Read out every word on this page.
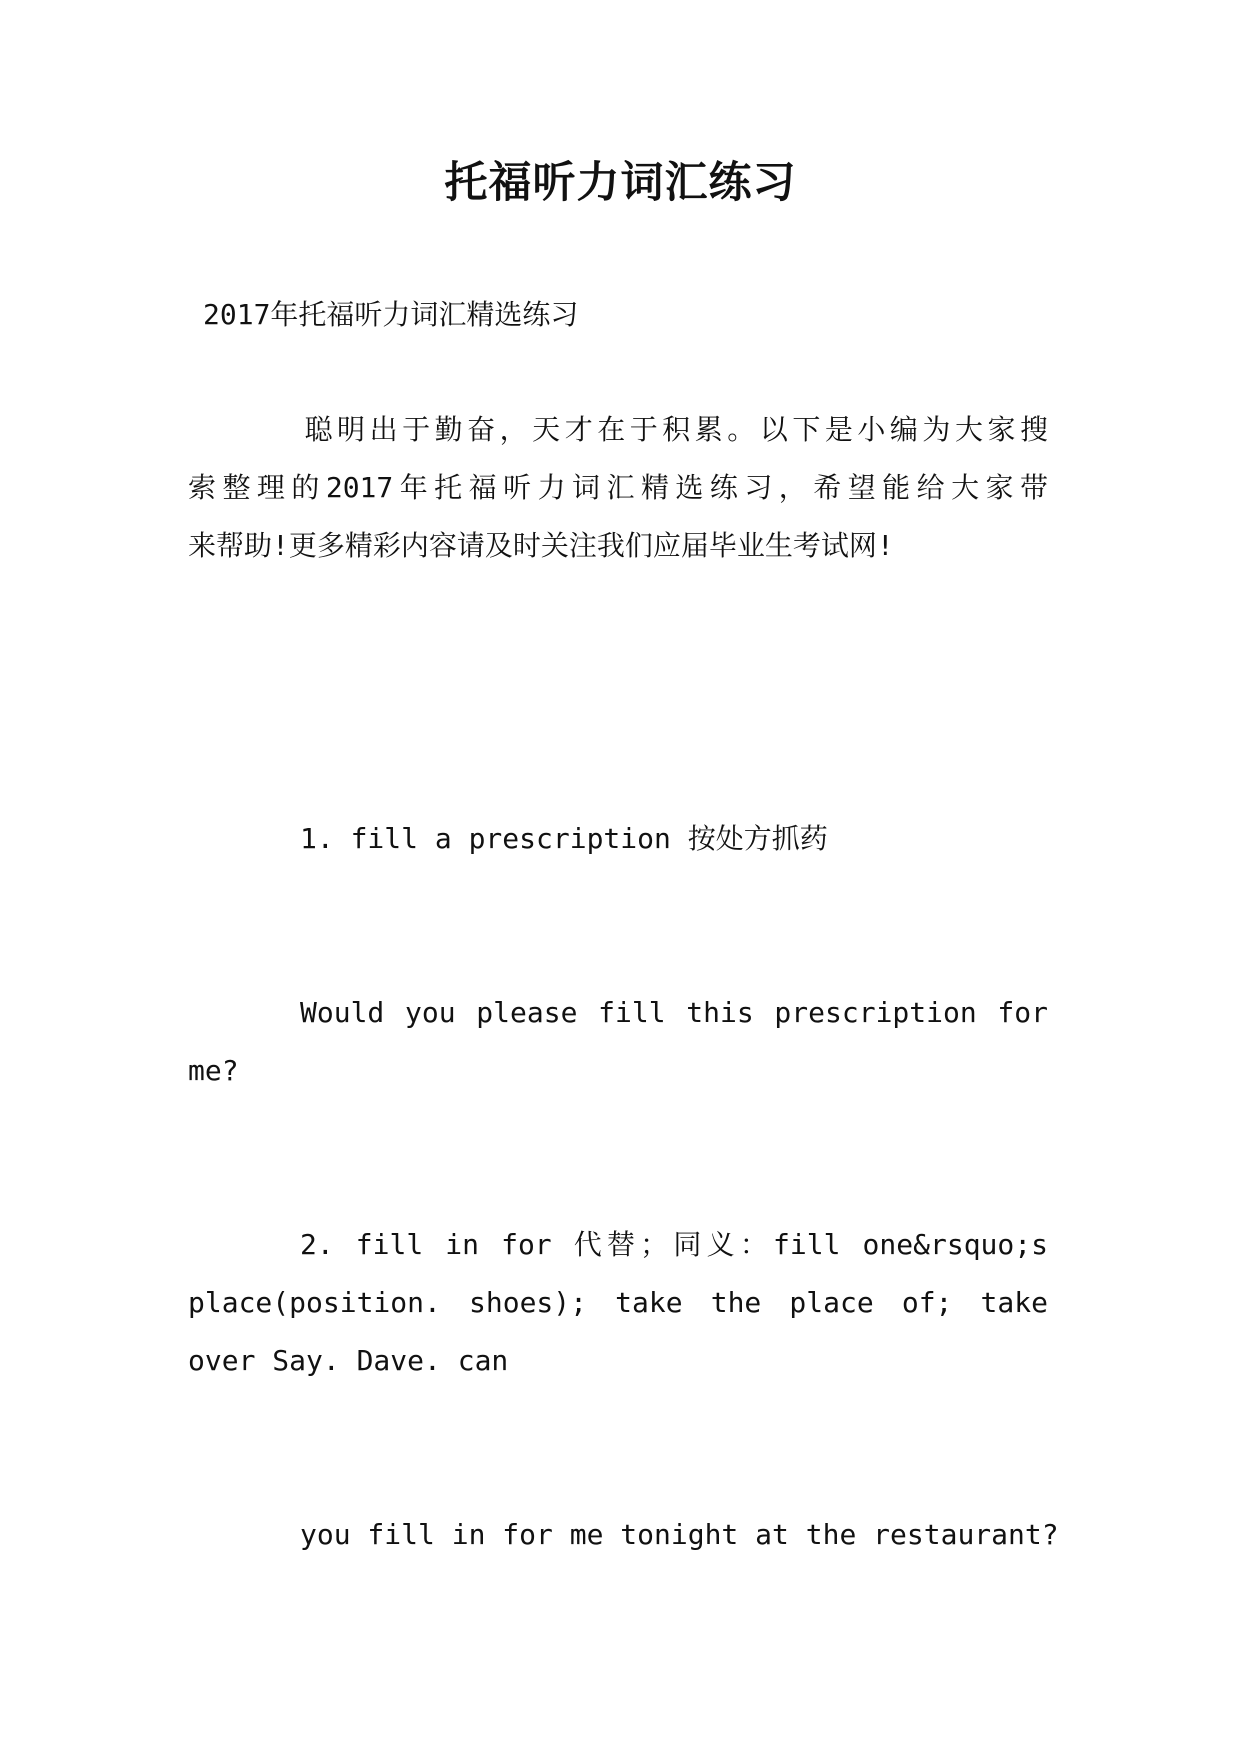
托福听力词汇练习

2017年托福听力词汇精选练习

聪明出于勤奋，天才在于积累。以下是小编为大家搜
索整理的2017年托福听力词汇精选练习，希望能给大家带
来帮助!更多精彩内容请及时关注我们应届毕业生考试网!

1. fill a prescription 按处方抓药

Would you please fill this prescription for
me?
2. fill in for 代替；同义：fill one&rsquo;s
place(position. shoes); take the place of; take
over Say. Dave. can

you fill in for me tonight at the restaurant?
